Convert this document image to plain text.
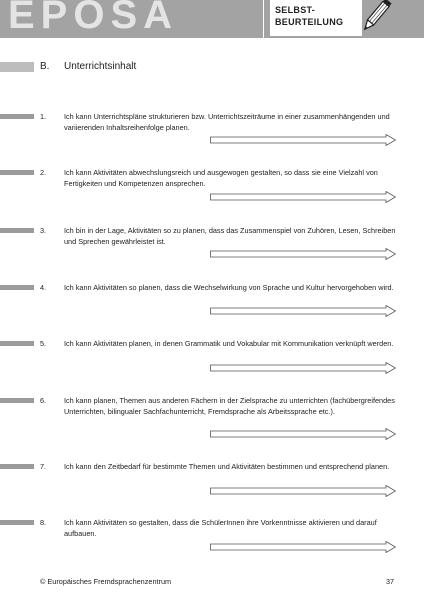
EPOSA	SELBST-
BEURTEILUNG
B. Unterrichtsinhalt
1. Ich kann Unterrichtspläne strukturieren bzw. Unterrichtszeiträume in einer zusammenhängenden und variierenden Inhaltsreihenfolge planen.
2. Ich kann Aktivitäten abwechslungsreich und ausgewogen gestalten, so dass sie eine Vielzahl von Fertigkeiten und Kompetenzen ansprechen.
3. Ich bin in der Lage, Aktivitäten so zu planen, dass das Zusammenspiel von Zuhören, Lesen, Schreiben und Sprechen gewährleistet ist.
4. Ich kann Aktivitäten so planen, dass die Wechselwirkung von Sprache und Kultur hervorgehoben wird.
5. Ich kann Aktivitäten planen, in denen Grammatik und Vokabular mit Kommunikation verknüpft werden.
6. Ich kann planen, Themen aus anderen Fächern in der Zielsprache zu unterrichten (fachübergreifendes Unterrichten, bilingualer Sachfachunterricht, Fremdsprache als Arbeitssprache etc.).
7. Ich kann den Zeitbedarf für bestimmte Themen und Aktivitäten bestimmen und entsprechend planen.
8. Ich kann Aktivitäten so gestalten, dass die SchülerInnen ihre Vorkenntnisse aktivieren und darauf aufbauen.
© Europäisches Fremdsprachenzentrum	37
